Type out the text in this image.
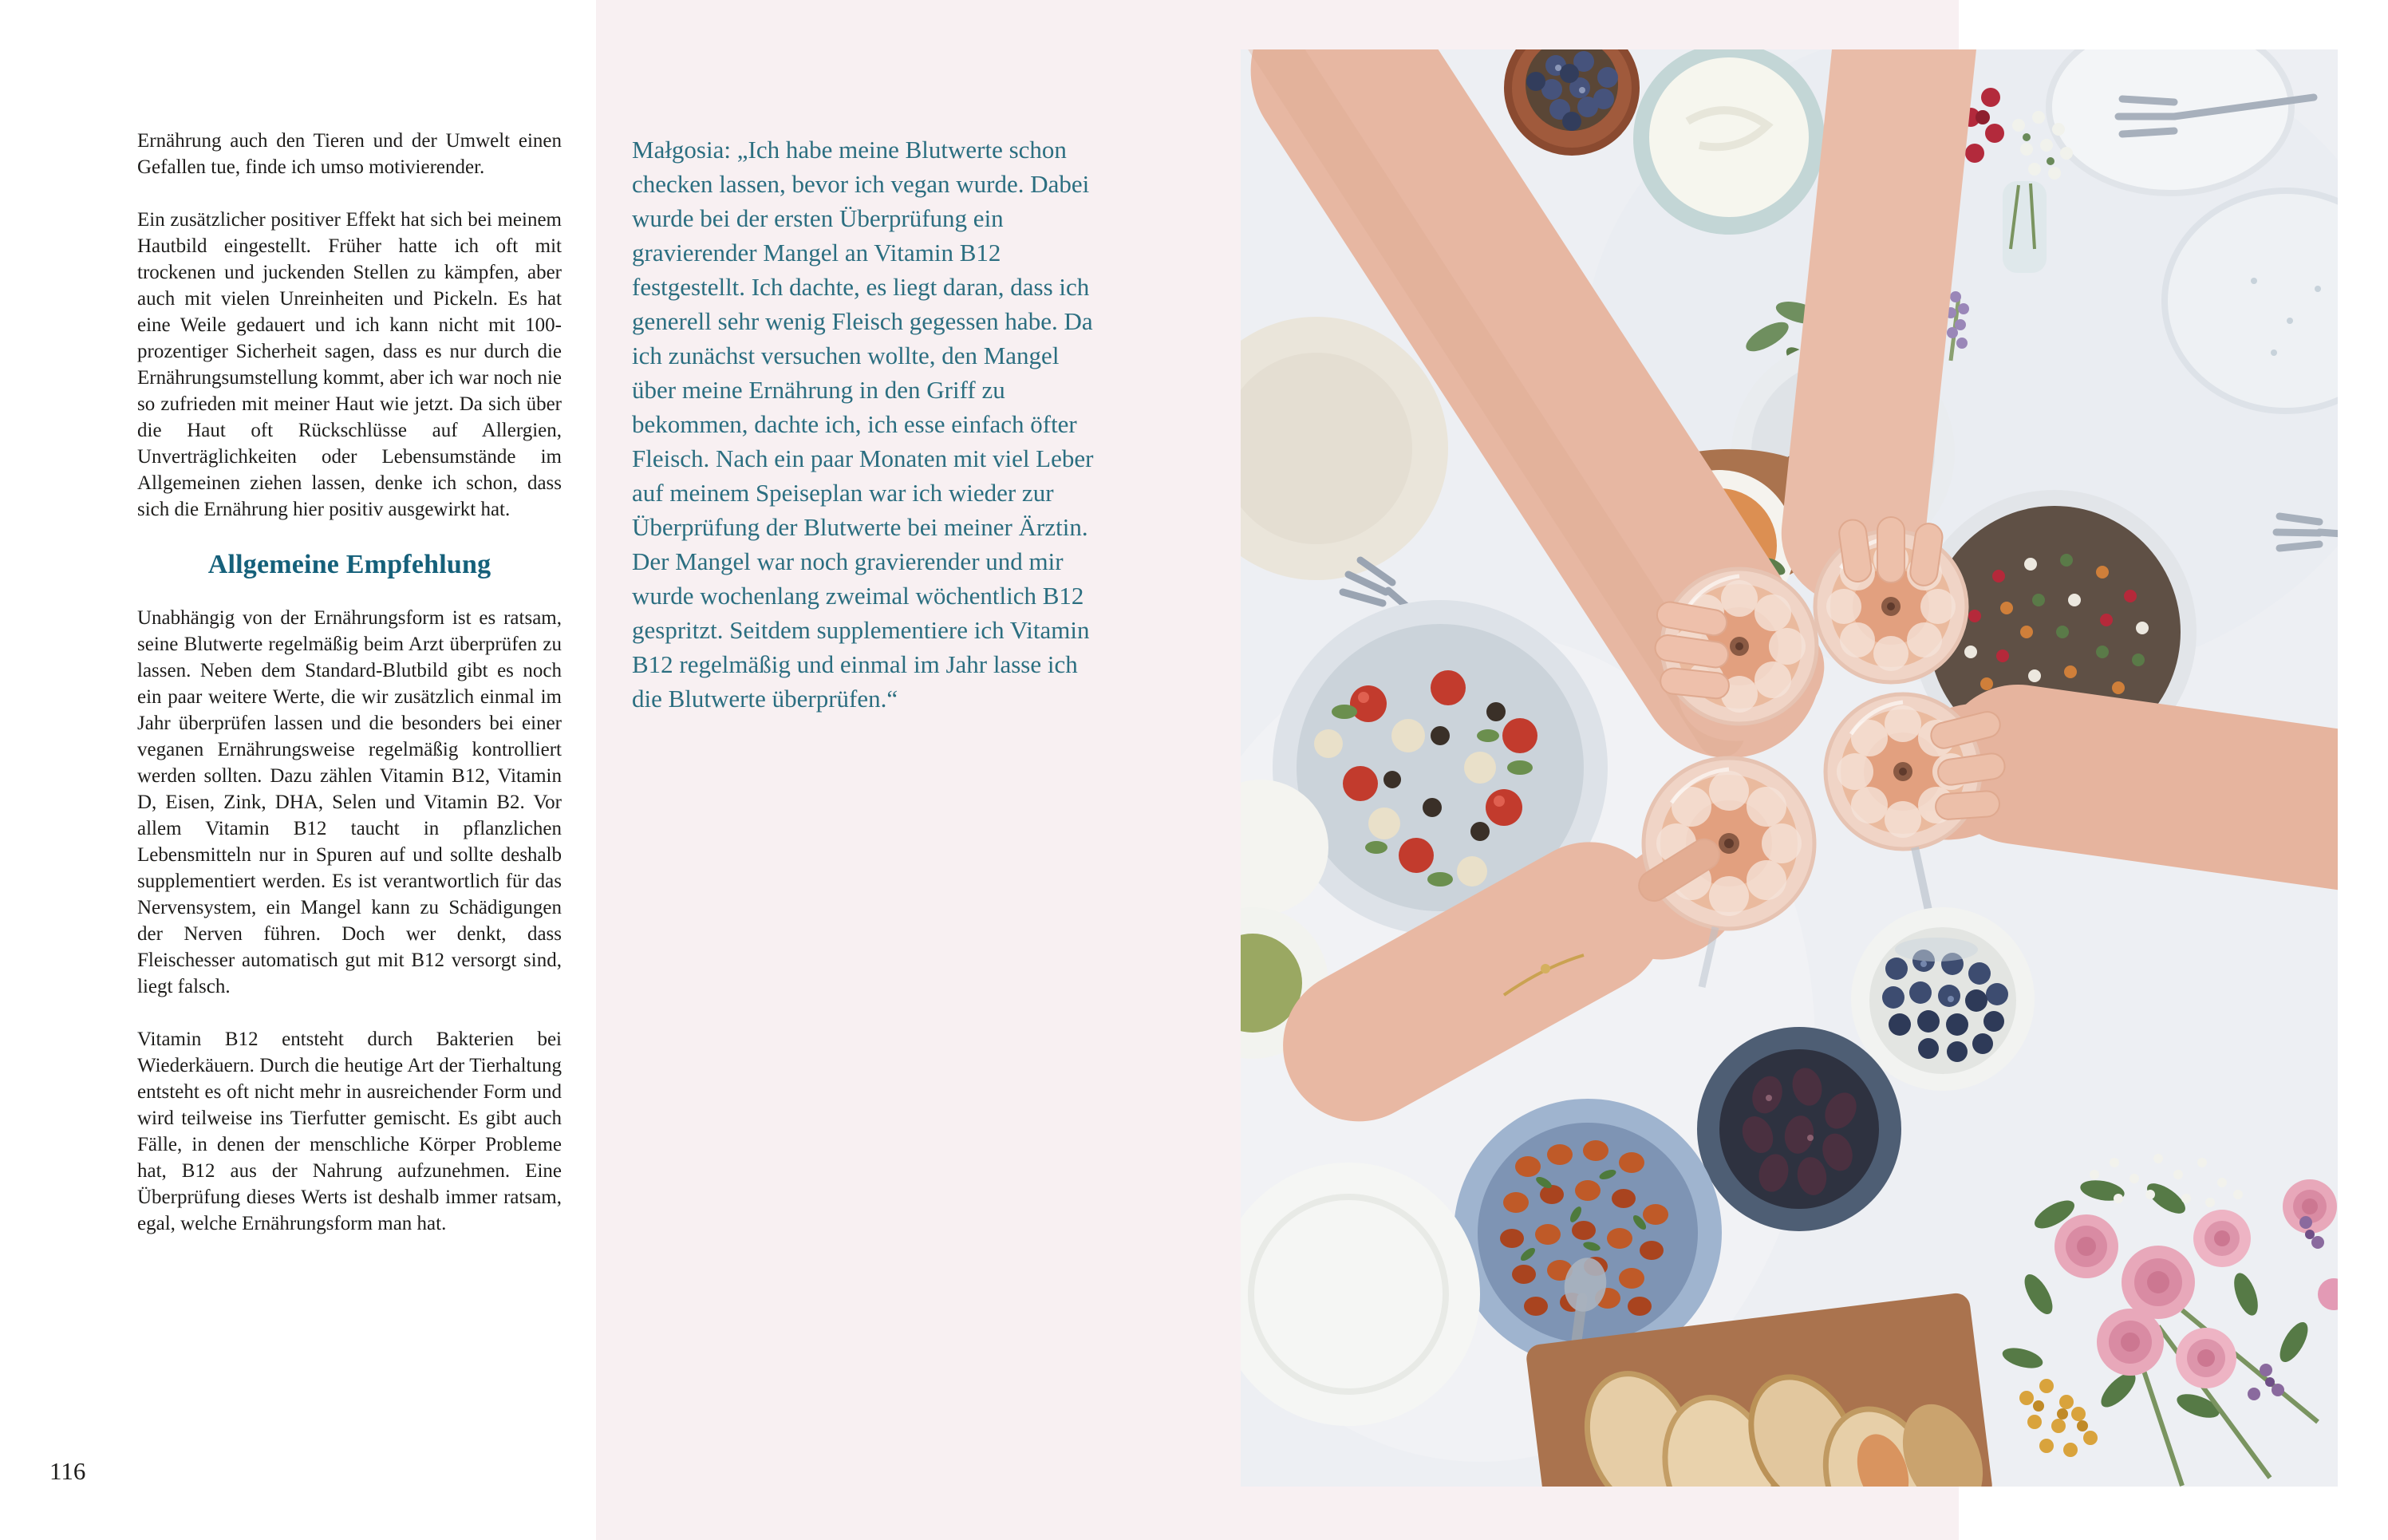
Ernährung auch den Tieren und der Umwelt einen Gefallen tue, finde ich umso motivierender.

Ein zusätzlicher positiver Effekt hat sich bei meinem Hautbild eingestellt. Früher hatte ich oft mit trockenen und juckenden Stellen zu kämpfen, aber auch mit vielen Unreinheiten und Pickeln. Es hat eine Weile gedauert und ich kann nicht mit 100-prozentiger Sicherheit sagen, dass es nur durch die Ernährungsumstellung kommt, aber ich war noch nie so zufrieden mit meiner Haut wie jetzt. Da sich über die Haut oft Rückschlüsse auf Allergien, Unverträglichkeiten oder Lebensumstände im Allgemeinen ziehen lassen, denke ich schon, dass sich die Ernährung hier positiv ausgewirkt hat.

Allgemeine Empfehlung

Unabhängig von der Ernährungsform ist es ratsam, seine Blutwerte regelmäßig beim Arzt überprüfen zu lassen. Neben dem Standard-Blutbild gibt es noch ein paar weitere Werte, die wir zusätzlich einmal im Jahr überprüfen lassen und die besonders bei einer veganen Ernährungsweise regelmäßig kontrolliert werden sollten. Dazu zählen Vitamin B12, Vitamin D, Eisen, Zink, DHA, Selen und Vitamin B2. Vor allem Vitamin B12 taucht in pflanzlichen Lebensmitteln nur in Spuren auf und sollte deshalb supplementiert werden. Es ist verantwortlich für das Nervensystem, ein Mangel kann zu Schädigungen der Nerven führen. Doch wer denkt, dass Fleischesser automatisch gut mit B12 versorgt sind, liegt falsch.

Vitamin B12 entsteht durch Bakterien bei Wiederkäuern. Durch die heutige Art der Tierhaltung entsteht es oft nicht mehr in ausreichender Form und wird teilweise ins Tierfutter gemischt. Es gibt auch Fälle, in denen der menschliche Körper Probleme hat, B12 aus der Nahrung aufzunehmen. Eine Überprüfung dieses Werts ist deshalb immer ratsam, egal, welche Ernährungsform man hat.

Małgosia: „Ich habe meine Blutwerte schon checken lassen, bevor ich vegan wurde. Dabei wurde bei der ersten Überprüfung ein gravierender Mangel an Vitamin B12 festgestellt. Ich dachte, es liegt daran, dass ich generell sehr wenig Fleisch gegessen habe. Da ich zunächst versuchen wollte, den Mangel über meine Ernährung in den Griff zu bekommen, dachte ich, ich esse einfach öfter Fleisch. Nach ein paar Monaten mit viel Leber auf meinem Speiseplan war ich wieder zur Überprüfung der Blutwerte bei meiner Ärztin. Der Mangel war noch gravierender und mir wurde wochenlang zweimal wöchentlich B12 gespritzt. Seitdem supplementiere ich Vitamin B12 regelmäßig und einmal im Jahr lasse ich die Blutwerte überprüfen.“
116
